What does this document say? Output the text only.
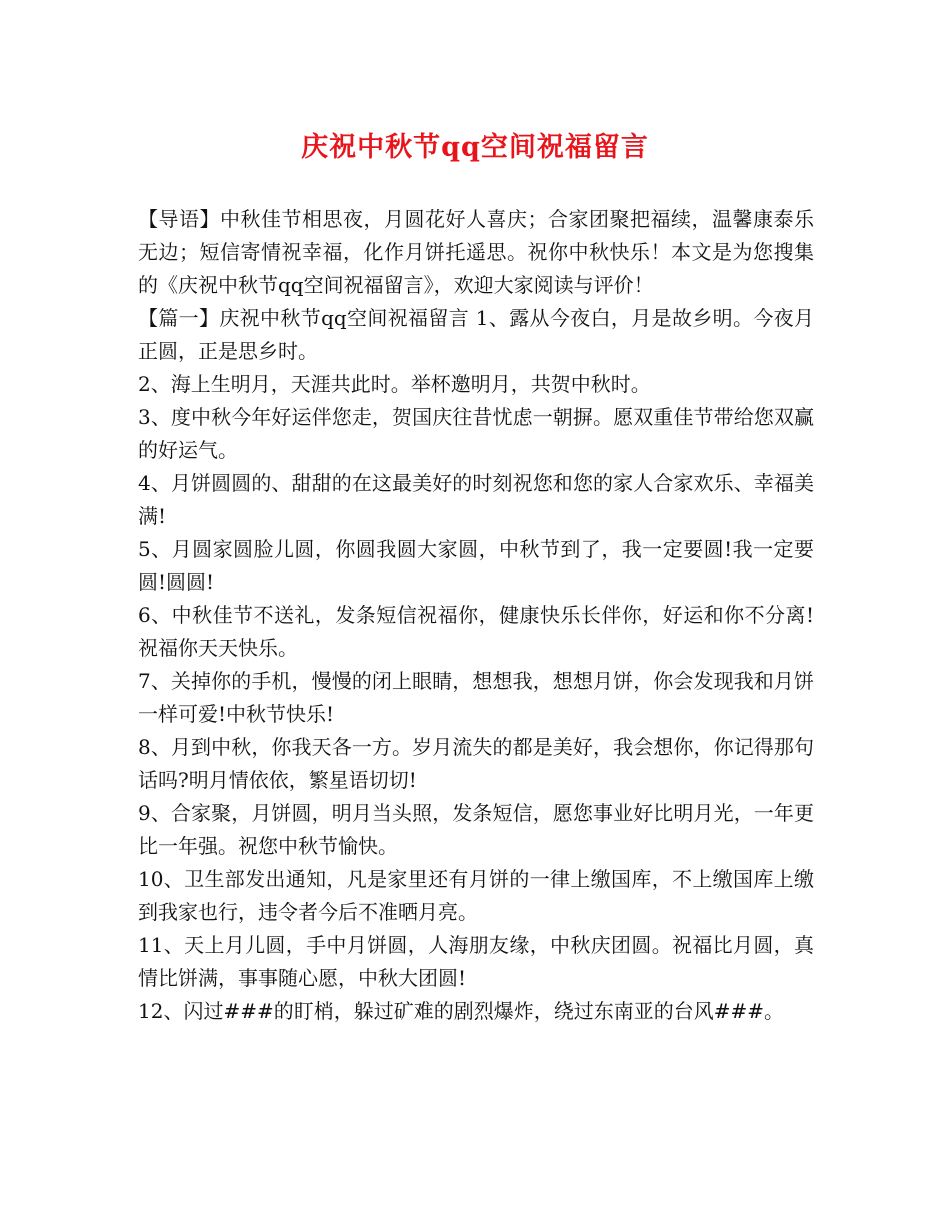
庆祝中秋节qq空间祝福留言

【导语】中秋佳节相思夜，月圆花好人喜庆；合家团聚把福续，温馨康泰乐无边；短信寄情祝幸福，化作月饼托遥思。祝你中秋快乐！本文是为您搜集的《庆祝中秋节qq空间祝福留言》，欢迎大家阅读与评价！

【篇一】庆祝中秋节qq空间祝福留言 1、露从今夜白，月是故乡明。今夜月正圆，正是思乡时。

2、海上生明月，天涯共此时。举杯邀明月，共贺中秋时。

3、度中秋今年好运伴您走，贺国庆往昔忧虑一朝摒。愿双重佳节带给您双赢的好运气。

4、月饼圆圆的、甜甜的在这最美好的时刻祝您和您的家人合家欢乐、幸福美满!

5、月圆家圆脸儿圆，你圆我圆大家圆，中秋节到了，我一定要圆!我一定要圆!圆圆!

6、中秋佳节不送礼，发条短信祝福你，健康快乐长伴你，好运和你不分离!祝福你天天快乐。

7、关掉你的手机，慢慢的闭上眼睛，想想我，想想月饼，你会发现我和月饼一样可爱!中秋节快乐!

8、月到中秋，你我天各一方。岁月流失的都是美好，我会想你，你记得那句话吗?明月情依依，繁星语切切!

9、合家聚，月饼圆，明月当头照，发条短信，愿您事业好比明月光，一年更比一年强。祝您中秋节愉快。

10、卫生部发出通知，凡是家里还有月饼的一律上缴国库，不上缴国库上缴到我家也行，违令者今后不准晒月亮。

11、天上月儿圆，手中月饼圆，人海朋友缘，中秋庆团圆。祝福比月圆，真情比饼满，事事随心愿，中秋大团圆!

12、闪过###的盯梢，躲过矿难的剧烈爆炸，绕过东南亚的台风###。
